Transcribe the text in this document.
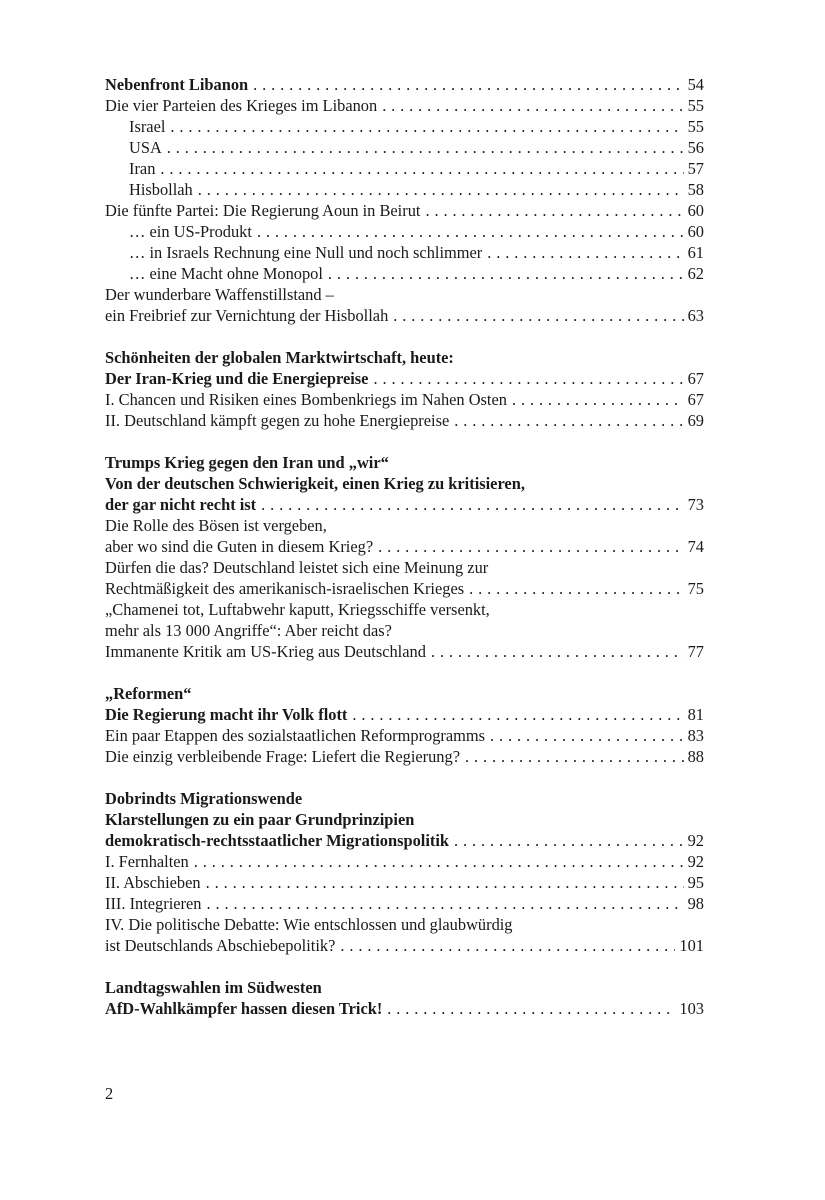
Nebenfront Libanon . . .	54
Die vier Parteien des Krieges im Libanon . . .	55
Israel . . .	55
USA . . .	56
Iran . . .	57
Hisbollah . . .	58
Die fünfte Partei: Die Regierung Aoun in Beirut . . .	60
… ein US-Produkt . . .	60
… in Israels Rechnung eine Null und noch schlimmer . . .	61
… eine Macht ohne Monopol . . .	62
Der wunderbare Waffenstillstand –
ein Freibrief zur Vernichtung der Hisbollah . . .	63
Schönheiten der globalen Marktwirtschaft, heute:
Der Iran-Krieg und die Energiepreise . . .	67
I. Chancen und Risiken eines Bombenkriegs im Nahen Osten . . .	67
II. Deutschland kämpft gegen zu hohe Energiepreise . . .	69
Trumps Krieg gegen den Iran und „wir“
Von der deutschen Schwierigkeit, einen Krieg zu kritisieren,
der gar nicht recht ist . . .	73
Die Rolle des Bösen ist vergeben,
aber wo sind die Guten in diesem Krieg? . . .	74
Dürfen die das? Deutschland leistet sich eine Meinung zur
Rechtmäßigkeit des amerikanisch-israelischen Krieges . . .	75
„Chamenei tot, Luftabwehr kaputt, Kriegsschiffe versenkt,
mehr als 13 000 Angriffe“: Aber reicht das?
Immanente Kritik am US-Krieg aus Deutschland . . .	77
„Reformen“
Die Regierung macht ihr Volk flott . . .	81
Ein paar Etappen des sozialstaatlichen Reformprogramms . . .	83
Die einzig verbleibende Frage: Liefert die Regierung? . . .	88
Dobrindts Migrationswende
Klarstellungen zu ein paar Grundprinzipien
demokratisch-rechtsstaatlicher Migrationspolitik . . .	92
I. Fernhalten . . .	92
II. Abschieben . . .	95
III. Integrieren . . .	98
IV. Die politische Debatte: Wie entschlossen und glaubwürdig
ist Deutschlands Abschiebepolitik? . . .	101
Landtagswahlen im Südwesten
AfD-Wahlkämpfer hassen diesen Trick! . . .	103
2
